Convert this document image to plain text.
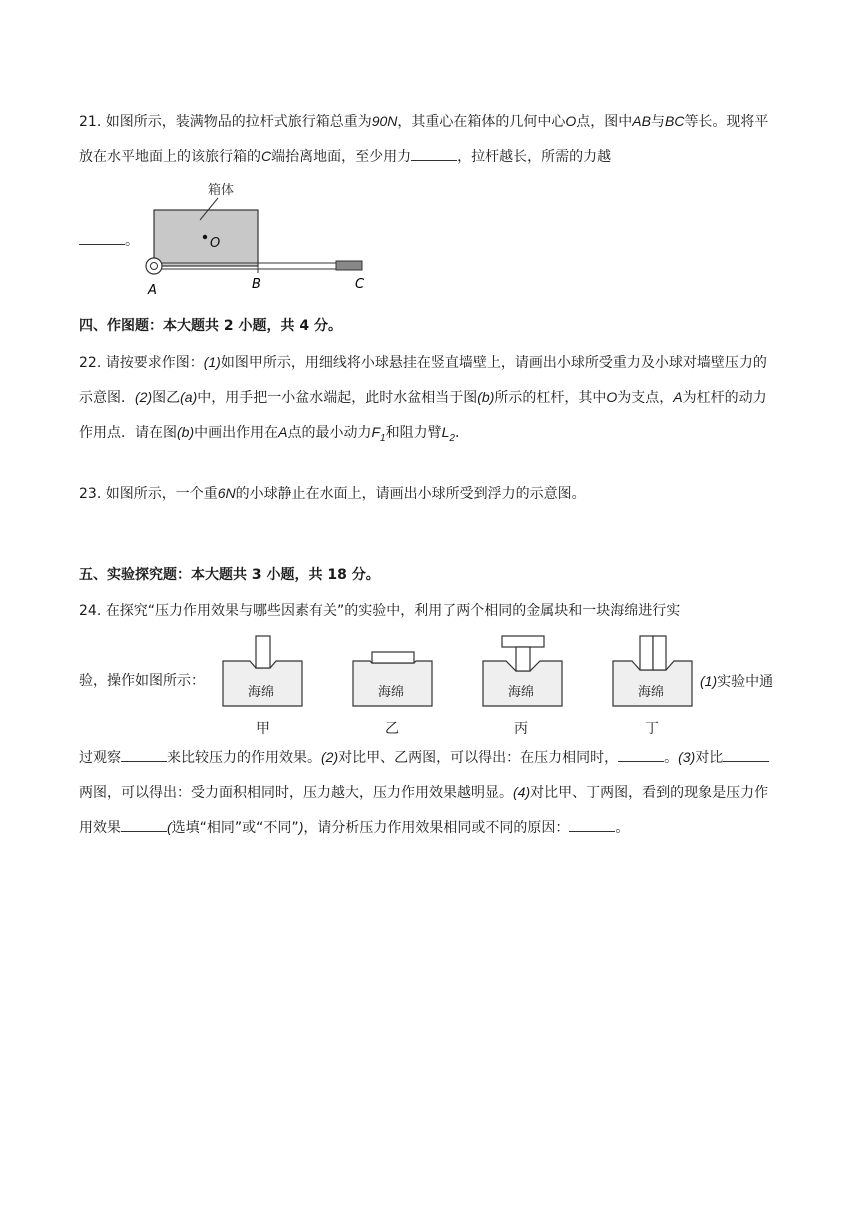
21. 如图所示，装满物品的拉杆式旅行箱总重为90N，其重心在箱体的几何中心O点，图中AB与BC等长。现将平放在水平地面上的该旅行箱的C端抬离地面，至少用力	，拉杆越长，所需的力越

。

箱体
O
A	B	C

四、作图题：本大题共 2 小题，共 4 分。

22. 请按要求作图：(1)如图甲所示，用细线将小球悬挂在竖直墙壁上，请画出小球所受重力及小球对墙壁压力的示意图．(2)图乙(a)中，用手把一小盆水端起，此时水盆相当于图(b)所示的杠杆，其中O为支点，A为杠杆的动力作用点．请在图(b)中画出作用在A点的最小动力$F_1$和阻力臂$L_2$.

23. 如图所示，一个重6N的小球静止在水面上，请画出小球所受到浮力的示意图。

五、实验探究题：本大题共 3 小题，共 18 分。

24. 在探究“压力作用效果与哪些因素有关”的实验中，利用了两个相同的金属块和一块海绵进行实

验，操作如图所示：	(1)实验中通

海绵
甲
海绵
乙
海绵
丙
海绵
丁

过观察	来比较压力的作用效果。(2)对比甲、乙两图，可以得出：在压力相同时，	。(3)对比两图，可以得出：受力面积相同时，压力越大，压力作用效果越明显。(4)对比甲、丁两图，看到的现象是压力作用效果	(选填“相同”或“不同”)，请分析压力作用效果相同或不同的原因：	。
